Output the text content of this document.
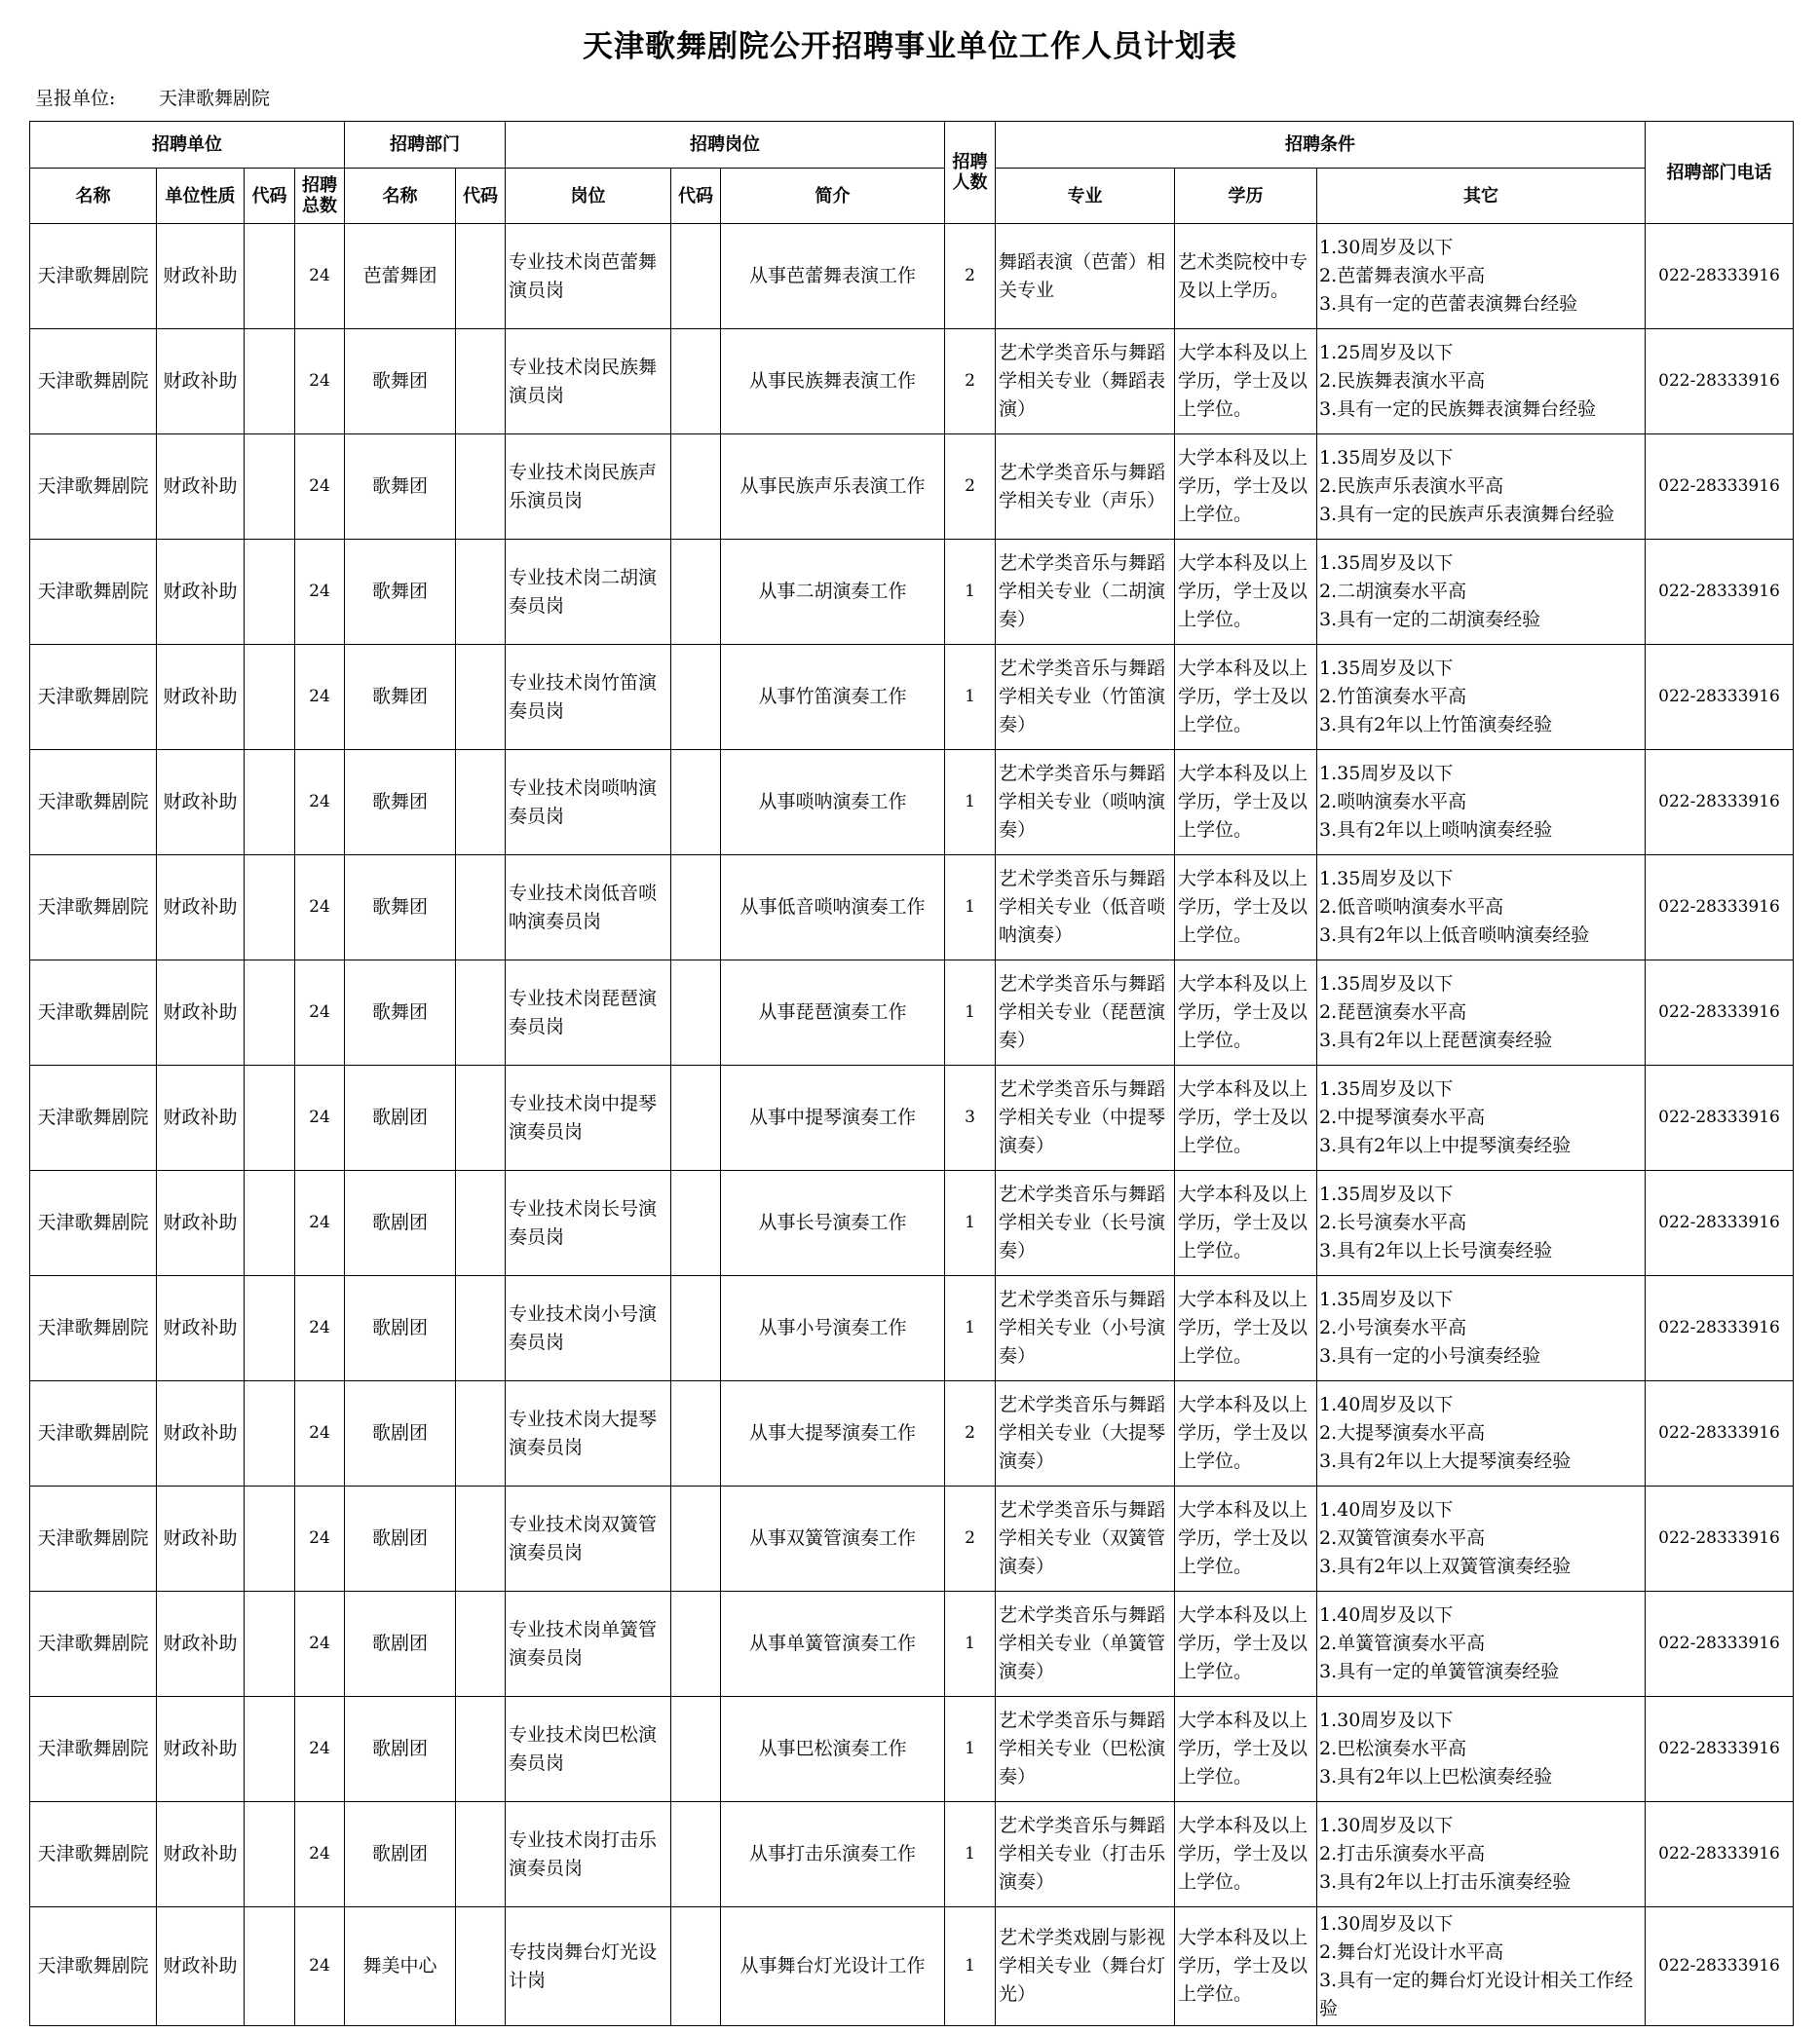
天津歌舞剧院公开招聘事业单位工作人员计划表
呈报单位: 天津歌舞剧院
招聘单位				招聘部门		招聘岗位			招聘人数	招聘条件			招聘部门电话
名称	单位性质	代码	招聘总数	名称	代码	岗位	代码	简介		专业	学历	其它	
天津歌舞剧院	财政补助		24	芭蕾舞团		专业技术岗芭蕾舞演员岗		从事芭蕾舞表演工作	2	舞蹈表演（芭蕾）相关专业	艺术类院校中专及以上学历。	1.30周岁及以下
2.芭蕾舞表演水平高
3.具有一定的芭蕾表演舞台经验	022-28333916
天津歌舞剧院	财政补助		24	歌舞团		专业技术岗民族舞演员岗		从事民族舞表演工作	2	艺术学类音乐与舞蹈学相关专业（舞蹈表演）	大学本科及以上学历，学士及以上学位。	1.25周岁及以下
2.民族舞表演水平高
3.具有一定的民族舞表演舞台经验	022-28333916
天津歌舞剧院	财政补助		24	歌舞团		专业技术岗民族声乐演员岗		从事民族声乐表演工作	2	艺术学类音乐与舞蹈学相关专业（声乐）	大学本科及以上学历，学士及以上学位。	1.35周岁及以下
2.民族声乐表演水平高
3.具有一定的民族声乐表演舞台经验	022-28333916
天津歌舞剧院	财政补助		24	歌舞团		专业技术岗二胡演奏员岗		从事二胡演奏工作	1	艺术学类音乐与舞蹈学相关专业（二胡演奏）	大学本科及以上学历，学士及以上学位。	1.35周岁及以下
2.二胡演奏水平高
3.具有一定的二胡演奏经验	022-28333916
天津歌舞剧院	财政补助		24	歌舞团		专业技术岗竹笛演奏员岗		从事竹笛演奏工作	1	艺术学类音乐与舞蹈学相关专业（竹笛演奏）	大学本科及以上学历，学士及以上学位。	1.35周岁及以下
2.竹笛演奏水平高
3.具有2年以上竹笛演奏经验	022-28333916
天津歌舞剧院	财政补助		24	歌舞团		专业技术岗唢呐演奏员岗		从事唢呐演奏工作	1	艺术学类音乐与舞蹈学相关专业（唢呐演奏）	大学本科及以上学历，学士及以上学位。	1.35周岁及以下
2.唢呐演奏水平高
3.具有2年以上唢呐演奏经验	022-28333916
天津歌舞剧院	财政补助		24	歌舞团		专业技术岗低音唢呐演奏员岗		从事低音唢呐演奏工作	1	艺术学类音乐与舞蹈学相关专业（低音唢呐演奏）	大学本科及以上学历，学士及以上学位。	1.35周岁及以下
2.低音唢呐演奏水平高
3.具有2年以上低音唢呐演奏经验	022-28333916
天津歌舞剧院	财政补助		24	歌舞团		专业技术岗琵琶演奏员岗		从事琵琶演奏工作	1	艺术学类音乐与舞蹈学相关专业（琵琶演奏）	大学本科及以上学历，学士及以上学位。	1.35周岁及以下
2.琵琶演奏水平高
3.具有2年以上琵琶演奏经验	022-28333916
天津歌舞剧院	财政补助		24	歌剧团		专业技术岗中提琴演奏员岗		从事中提琴演奏工作	3	艺术学类音乐与舞蹈学相关专业（中提琴演奏）	大学本科及以上学历，学士及以上学位。	1.35周岁及以下
2.中提琴演奏水平高
3.具有2年以上中提琴演奏经验	022-28333916
天津歌舞剧院	财政补助		24	歌剧团		专业技术岗长号演奏员岗		从事长号演奏工作	1	艺术学类音乐与舞蹈学相关专业（长号演奏）	大学本科及以上学历，学士及以上学位。	1.35周岁及以下
2.长号演奏水平高
3.具有2年以上长号演奏经验	022-28333916
天津歌舞剧院	财政补助		24	歌剧团		专业技术岗小号演奏员岗		从事小号演奏工作	1	艺术学类音乐与舞蹈学相关专业（小号演奏）	大学本科及以上学历，学士及以上学位。	1.35周岁及以下
2.小号演奏水平高
3.具有一定的小号演奏经验	022-28333916
天津歌舞剧院	财政补助		24	歌剧团		专业技术岗大提琴演奏员岗		从事大提琴演奏工作	2	艺术学类音乐与舞蹈学相关专业（大提琴演奏）	大学本科及以上学历，学士及以上学位。	1.40周岁及以下
2.大提琴演奏水平高
3.具有2年以上大提琴演奏经验	022-28333916
天津歌舞剧院	财政补助		24	歌剧团		专业技术岗双簧管演奏员岗		从事双簧管演奏工作	2	艺术学类音乐与舞蹈学相关专业（双簧管演奏）	大学本科及以上学历，学士及以上学位。	1.40周岁及以下
2.双簧管演奏水平高
3.具有2年以上双簧管演奏经验	022-28333916
天津歌舞剧院	财政补助		24	歌剧团		专业技术岗单簧管演奏员岗		从事单簧管演奏工作	1	艺术学类音乐与舞蹈学相关专业（单簧管演奏）	大学本科及以上学历，学士及以上学位。	1.40周岁及以下
2.单簧管演奏水平高
3.具有一定的单簧管演奏经验	022-28333916
天津歌舞剧院	财政补助		24	歌剧团		专业技术岗巴松演奏员岗		从事巴松演奏工作	1	艺术学类音乐与舞蹈学相关专业（巴松演奏）	大学本科及以上学历，学士及以上学位。	1.30周岁及以下
2.巴松演奏水平高
3.具有2年以上巴松演奏经验	022-28333916
天津歌舞剧院	财政补助		24	歌剧团		专业技术岗打击乐演奏员岗		从事打击乐演奏工作	1	艺术学类音乐与舞蹈学相关专业（打击乐演奏）	大学本科及以上学历，学士及以上学位。	1.30周岁及以下
2.打击乐演奏水平高
3.具有2年以上打击乐演奏经验	022-28333916
天津歌舞剧院	财政补助		24	舞美中心		专技岗舞台灯光设计岗		从事舞台灯光设计工作	1	艺术学类戏剧与影视学相关专业（舞台灯光）	大学本科及以上学历，学士及以上学位。	1.30周岁及以下
2.舞台灯光设计水平高
3.具有一定的舞台灯光设计相关工作经验	022-28333916
